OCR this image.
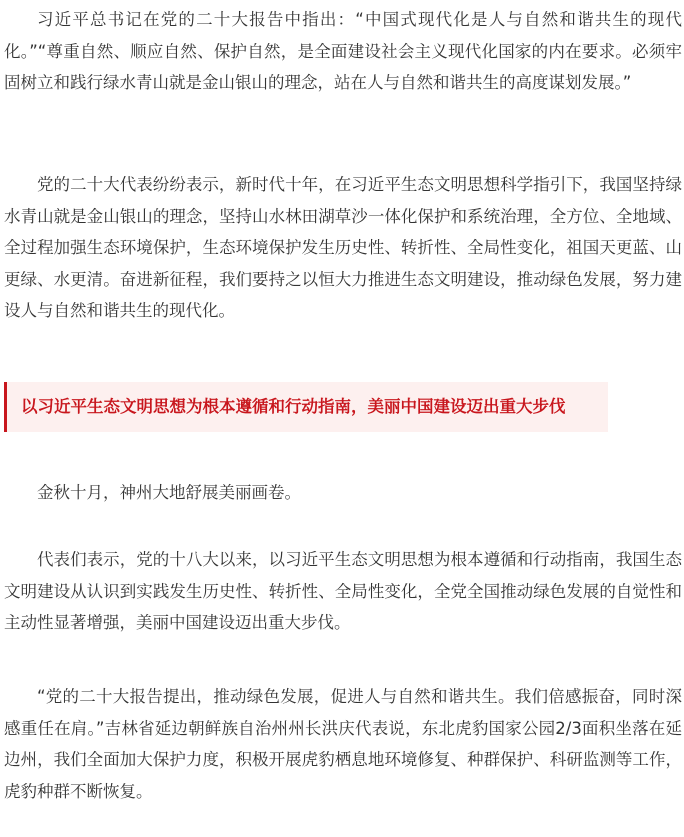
习近平总书记在党的二十大报告中指出：“中国式现代化是人与自然和谐共生的现代化。”“尊重自然、顺应自然、保护自然，是全面建设社会主义现代化国家的内在要求。必须牢固树立和践行绿水青山就是金山银山的理念，站在人与自然和谐共生的高度谋划发展。”

党的二十大代表纷纷表示，新时代十年，在习近平生态文明思想科学指引下，我国坚持绿水青山就是金山银山的理念，坚持山水林田湖草沙一体化保护和系统治理，全方位、全地域、全过程加强生态环境保护，生态环境保护发生历史性、转折性、全局性变化，祖国天更蓝、山更绿、水更清。奋进新征程，我们要持之以恒大力推进生态文明建设，推动绿色发展，努力建设人与自然和谐共生的现代化。

以习近平生态文明思想为根本遵循和行动指南，美丽中国建设迈出重大步伐

金秋十月，神州大地舒展美丽画卷。

代表们表示，党的十八大以来，以习近平生态文明思想为根本遵循和行动指南，我国生态文明建设从认识到实践发生历史性、转折性、全局性变化，全党全国推动绿色发展的自觉性和主动性显著增强，美丽中国建设迈出重大步伐。

“党的二十大报告提出，推动绿色发展，促进人与自然和谐共生。我们倍感振奋，同时深感重任在肩。”吉林省延边朝鲜族自治州州长洪庆代表说，东北虎豹国家公园2/3面积坐落在延边州，我们全面加大保护力度，积极开展虎豹栖息地环境修复、种群保护、科研监测等工作，虎豹种群不断恢复。
